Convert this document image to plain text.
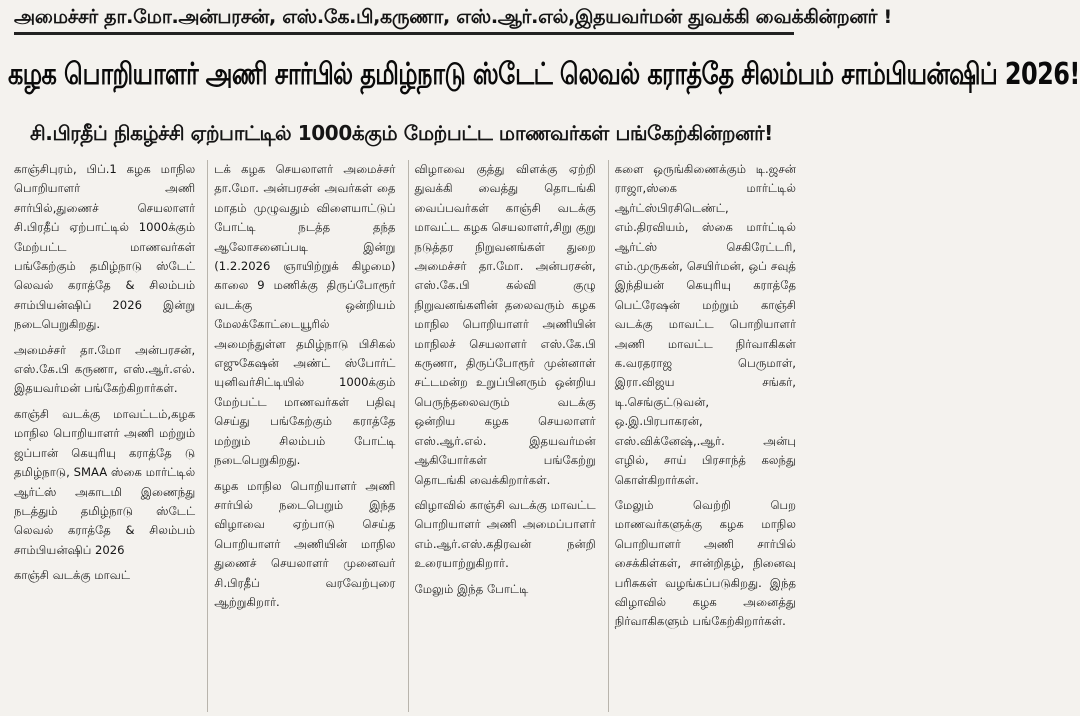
அமைச்சர் தா.மோ.அன்பரசன், எஸ்.கே.பி,கருணா, எஸ்.ஆர்.எல்,இதயவர்மன் துவக்கி வைக்கின்றனர் !
கழக பொறியாளர் அணி சார்பில் தமிழ்நாடு ஸ்டேட் லெவல் கராத்தே சிலம்பம் சாம்பியன்ஷிப் 2026!
சி.பிரதீப் நிகழ்ச்சி ஏற்பாட்டில் 1000க்கும் மேற்பட்ட மாணவர்கள் பங்கேற்கின்றனர்!

காஞ்சிபுரம், பிப்.1 கழக மாநில பொறியாளர் அணி சார்பில்,துணைச் செயலாளர் சி.பிரதீப் ஏற்பாட்டில் 1000க்கும் மேற்பட்ட மாணவர்கள் பங்கேற்கும் தமிழ்நாடு ஸ்டேட் லெவல் கராத்தே & சிலம்பம் சாம்பியன்ஷிப் 2026 இன்று நடைபெறுகிறது.

அமைச்சர் தா.மோ அன்பரசன், எஸ்.கே.பி கருணா, எஸ்.ஆர்.எல். இதயவர்மன் பங்கேற்கிறார்கள்.

காஞ்சி வடக்கு மாவட்டம்,கழக மாநில பொறியாளர் அணி மற்றும் ஜப்பான் கெயுரியு கராத்தே டு தமிழ்நாடு, SMAA ஸ்கை மார்ட்டில் ஆர்ட்ஸ் அகாடமி இணைந்து நடத்தும் தமிழ்நாடு ஸ்டேட் லெவல் கராத்தே & சிலம்பம் சாம்பியன்ஷிப் 2026

காஞ்சி வடக்கு மாவட்

டக் கழக செயலாளர் அமைச்சர் தா.மோ. அன்பரசன் அவர்கள் தை மாதம் முழுவதும் விளையாட்டுப் போட்டி நடத்த தந்த ஆலோசனைப்படி இன்று (1.2.2026 ஞாயிற்றுக் கிழமை) காலை 9 மணிக்கு திருப்போரூர் வடக்கு ஒன்றியம் மேலக்கோட்டையூரில் அமைந்துள்ள தமிழ்நாடு பிசிகல் எஜுகேஷன் அண்ட் ஸ்போர்ட் யுனிவர்சிட்டியில் 1000க்கும் மேற்பட்ட மாணவர்கள் பதிவு செய்து பங்கேற்கும் கராத்தே மற்றும் சிலம்பம் போட்டி நடைபெறுகிறது.

கழக மாநில பொறியாளர் அணி சார்பில் நடைபெறும் இந்த விழாவை ஏற்பாடு செய்த பொறியாளர் அணியின் மாநில துணைச் செயலாளர் முனைவர் சி.பிரதீப் வரவேற்புரை ஆற்றுகிறார்.

விழாவை குத்து விளக்கு ஏற்றி துவக்கி வைத்து தொடங்கி வைப்பவர்கள் காஞ்சி வடக்கு மாவட்ட கழக செயலாளர்,சிறு குறு நடுத்தர நிறுவனங்கள் துறை அமைச்சர் தா.மோ. அன்பரசன், எஸ்.கே.பி கல்வி குழு நிறுவனங்களின் தலைவரும் கழக மாநில பொறியாளர் அணியின் மாநிலச் செயலாளர் எஸ்.கே.பி கருணா, திருப்போரூர் முன்னாள் சட்டமன்ற உறுப்பினரும் ஒன்றிய பெருந்தலைவரும் வடக்கு ஒன்றிய கழக செயலாளர் எஸ்.ஆர்.எல். இதயவர்மன் ஆகியோர்கள் பங்கேற்று தொடங்கி வைக்கிறார்கள்.

விழாவில் காஞ்சி வடக்கு மாவட்ட பொறியாளர் அணி அமைப்பாளர் எம்.ஆர்.எஸ்.கதிரவன் நன்றி உரையாற்றுகிறார்.

மேலும் இந்த போட்டி

களை ஒருங்கிணைக்கும் டி.ஜசன் ராஜா,ஸ்கை மார்ட்டில் ஆர்ட்ஸ்பிரசிடெண்ட், எம்.திரவியம், ஸ்கை மார்ட்டில் ஆர்ட்ஸ் செகிரேட்டரி, எம்.முருகன், செயிர்மன், ஒப் சவுத் இந்தியன் கெயுரியு கராத்தே பெட்ரேஷன் மற்றும் காஞ்சி வடக்கு மாவட்ட பொறியாளர் அணி மாவட்ட நிர்வாகிகள் க.வரதராஜ பெருமாள், இரா.விஜய சங்கர், டி.செங்குட்டுவன், ஒ.இ.பிரபாகரன், எஸ்.விக்னேஷ்,.ஆர். அன்பு எழில், சாய் பிரசாந்த் கலந்து கொள்கிறார்கள்.

மேலும் வெற்றி பெற மாணவர்களுக்கு கழக மாநில பொறியாளர் அணி சார்பில் சைக்கிள்கள், சான்றிதழ், நினைவு பரிசுகள் வழங்கப்படுகிறது. இந்த விழாவில் கழக அனைத்து நிர்வாகிகளும் பங்கேற்கிறார்கள்.
